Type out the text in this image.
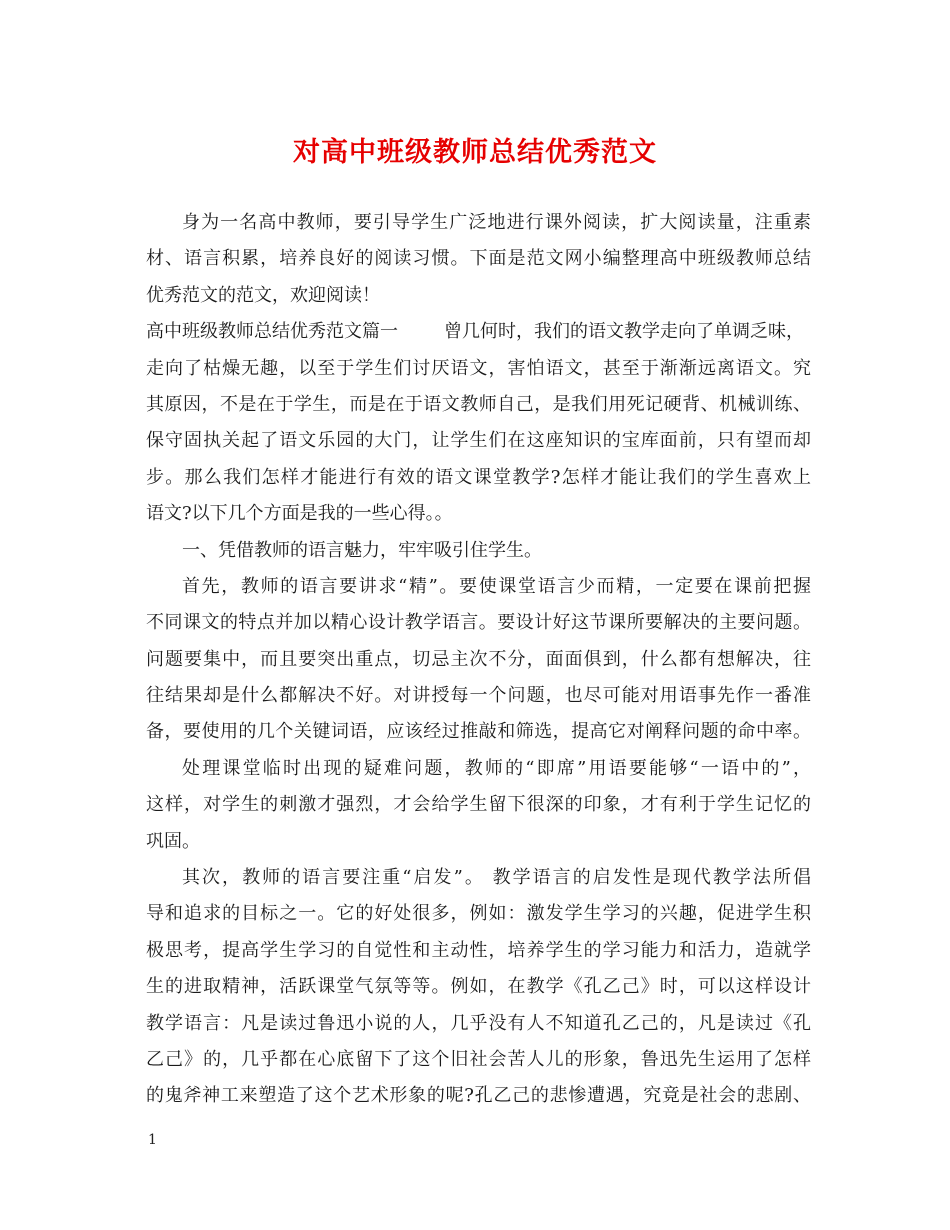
对高中班级教师总结优秀范文
身为一名高中教师，要引导学生广泛地进行课外阅读，扩大阅读量，注重素
材、语言积累，培养良好的阅读习惯。下面是范文网小编整理高中班级教师总结
优秀范文的范文，欢迎阅读！
高中班级教师总结优秀范文篇一	曾几何时，我们的语文教学走向了单调乏味，
走向了枯燥无趣，以至于学生们讨厌语文，害怕语文，甚至于渐渐远离语文。究
其原因，不是在于学生，而是在于语文教师自己，是我们用死记硬背、机械训练、
保守固执关起了语文乐园的大门，让学生们在这座知识的宝库面前，只有望而却
步。那么我们怎样才能进行有效的语文课堂教学?怎样才能让我们的学生喜欢上
语文?以下几个方面是我的一些心得。。
一、凭借教师的语言魅力，牢牢吸引住学生。
首先，教师的语言要讲求“精”。要使课堂语言少而精，一定要在课前把握
不同课文的特点并加以精心设计教学语言。要设计好这节课所要解决的主要问题。
问题要集中，而且要突出重点，切忌主次不分，面面俱到，什么都有想解决，往
往结果却是什么都解决不好。对讲授每一个问题，也尽可能对用语事先作一番准
备，要使用的几个关键词语，应该经过推敲和筛选，提高它对阐释问题的命中率。
处理课堂临时出现的疑难问题，教师的“即席”用语要能够“一语中的”，
这样，对学生的刺激才强烈，才会给学生留下很深的印象，才有利于学生记忆的
巩固。
其次，教师的语言要注重“启发”。 教学语言的启发性是现代教学法所倡
导和追求的目标之一。它的好处很多，例如：激发学生学习的兴趣，促进学生积
极思考，提高学生学习的自觉性和主动性，培养学生的学习能力和活力，造就学
生的进取精神，活跃课堂气氛等等。例如，在教学《孔乙己》时，可以这样设计
教学语言：凡是读过鲁迅小说的人，几乎没有人不知道孔乙己的，凡是读过《孔
乙己》的，几乎都在心底留下了这个旧社会苦人儿的形象，鲁迅先生运用了怎样
的鬼斧神工来塑造了这个艺术形象的呢?孔乙己的悲惨遭遇，究竟是社会的悲剧、
1
